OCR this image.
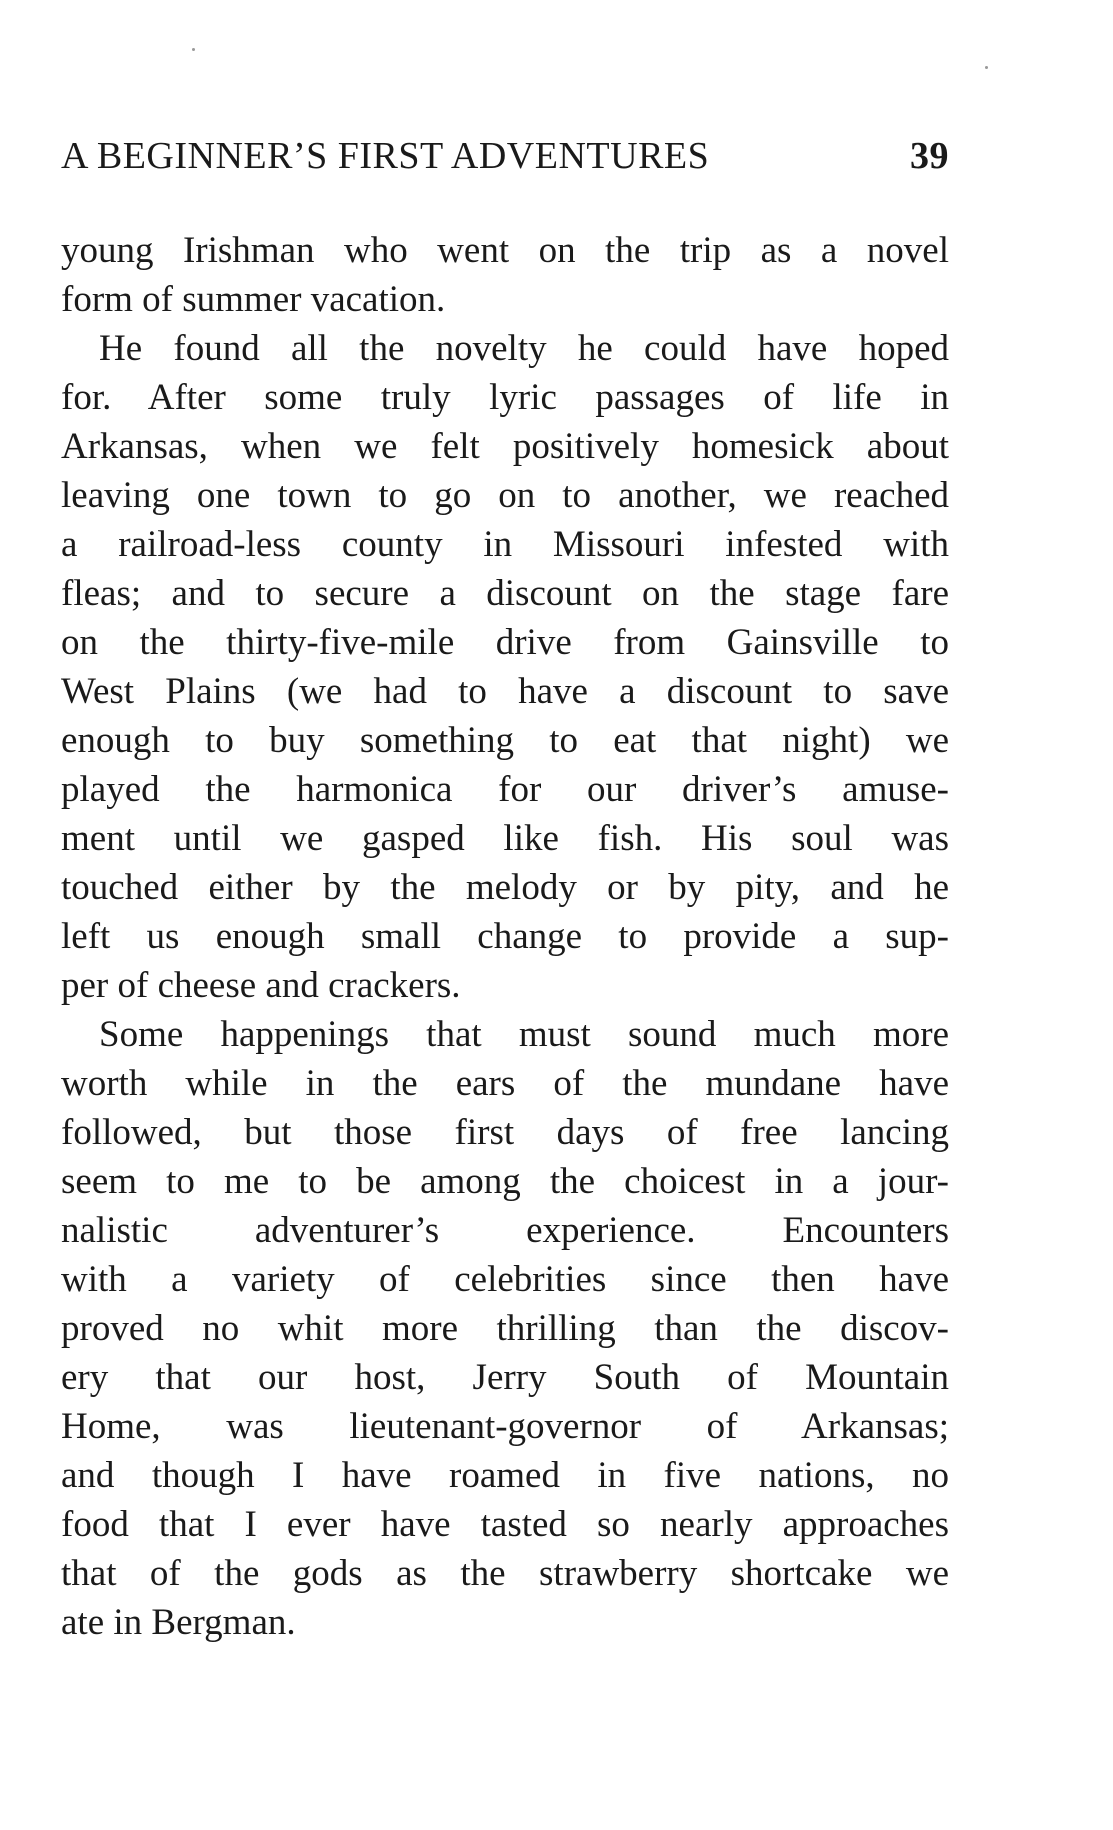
A BEGINNER’S FIRST ADVENTURES	39

young Irishman who went on the trip as a novel
form of summer vacation.

He found all the novelty he could have hoped
for. After some truly lyric passages of life in
Arkansas, when we felt positively homesick about
leaving one town to go on to another, we reached
a railroad-less county in Missouri infested with
fleas; and to secure a discount on the stage fare
on the thirty-five-mile drive from Gainsville to
West Plains (we had to have a discount to save
enough to buy something to eat that night) we
played the harmonica for our driver’s amuse-
ment until we gasped like fish. His soul was
touched either by the melody or by pity, and he
left us enough small change to provide a sup-
per of cheese and crackers.

Some happenings that must sound much more
worth while in the ears of the mundane have
followed, but those first days of free lancing
seem to me to be among the choicest in a jour-
nalistic adventurer’s experience. Encounters
with a variety of celebrities since then have
proved no whit more thrilling than the discov-
ery that our host, Jerry South of Mountain
Home, was lieutenant-governor of Arkansas;
and though I have roamed in five nations, no
food that I ever have tasted so nearly approaches
that of the gods as the strawberry shortcake we
ate in Bergman.
